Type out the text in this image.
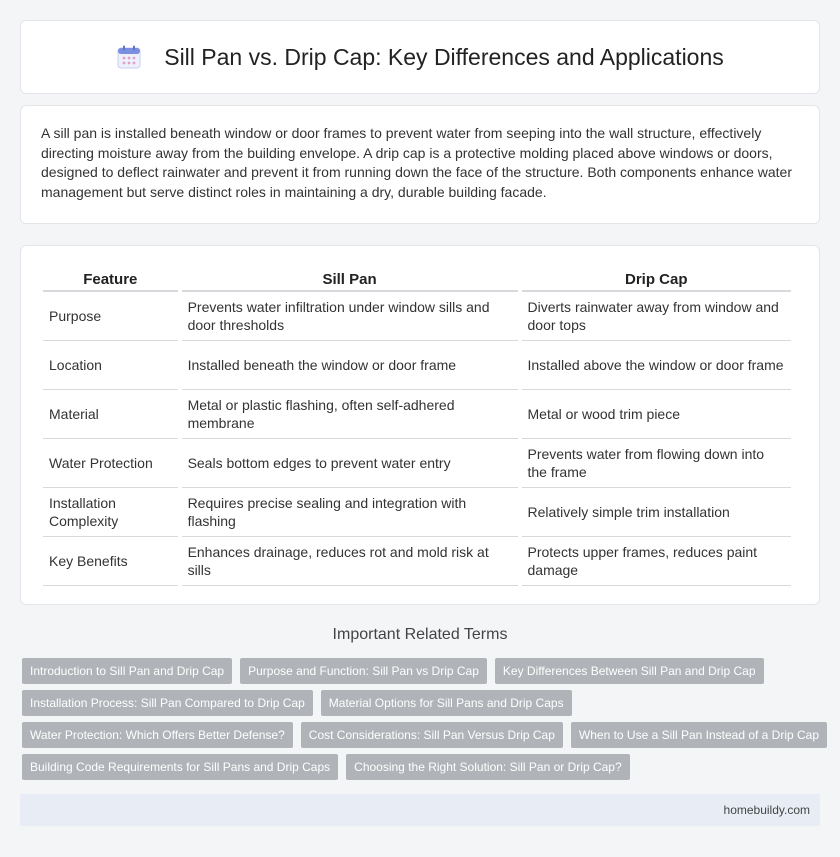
Sill Pan vs. Drip Cap: Key Differences and Applications

A sill pan is installed beneath window or door frames to prevent water from seeping into the wall structure, effectively directing moisture away from the building envelope. A drip cap is a protective molding placed above windows or doors, designed to deflect rainwater and prevent it from running down the face of the structure. Both components enhance water management but serve distinct roles in maintaining a dry, durable building facade.

Feature	Sill Pan	Drip Cap
Purpose	Prevents water infiltration under window sills and door thresholds	Diverts rainwater away from window and door tops
Location	Installed beneath the window or door frame	Installed above the window or door frame
Material	Metal or plastic flashing, often self-adhered membrane	Metal or wood trim piece
Water Protection	Seals bottom edges to prevent water entry	Prevents water from flowing down into the frame
Installation Complexity	Requires precise sealing and integration with flashing	Relatively simple trim installation
Key Benefits	Enhances drainage, reduces rot and mold risk at sills	Protects upper frames, reduces paint damage
Important Related Terms
Introduction to Sill Pan and Drip Cap	Purpose and Function: Sill Pan vs Drip Cap	Key Differences Between Sill Pan and Drip Cap
Installation Process: Sill Pan Compared to Drip Cap	Material Options for Sill Pans and Drip Caps
Water Protection: Which Offers Better Defense?	Cost Considerations: Sill Pan Versus Drip Cap	When to Use a Sill Pan Instead of a Drip Cap
Building Code Requirements for Sill Pans and Drip Caps	Choosing the Right Solution: Sill Pan or Drip Cap?
homebuildy.com
